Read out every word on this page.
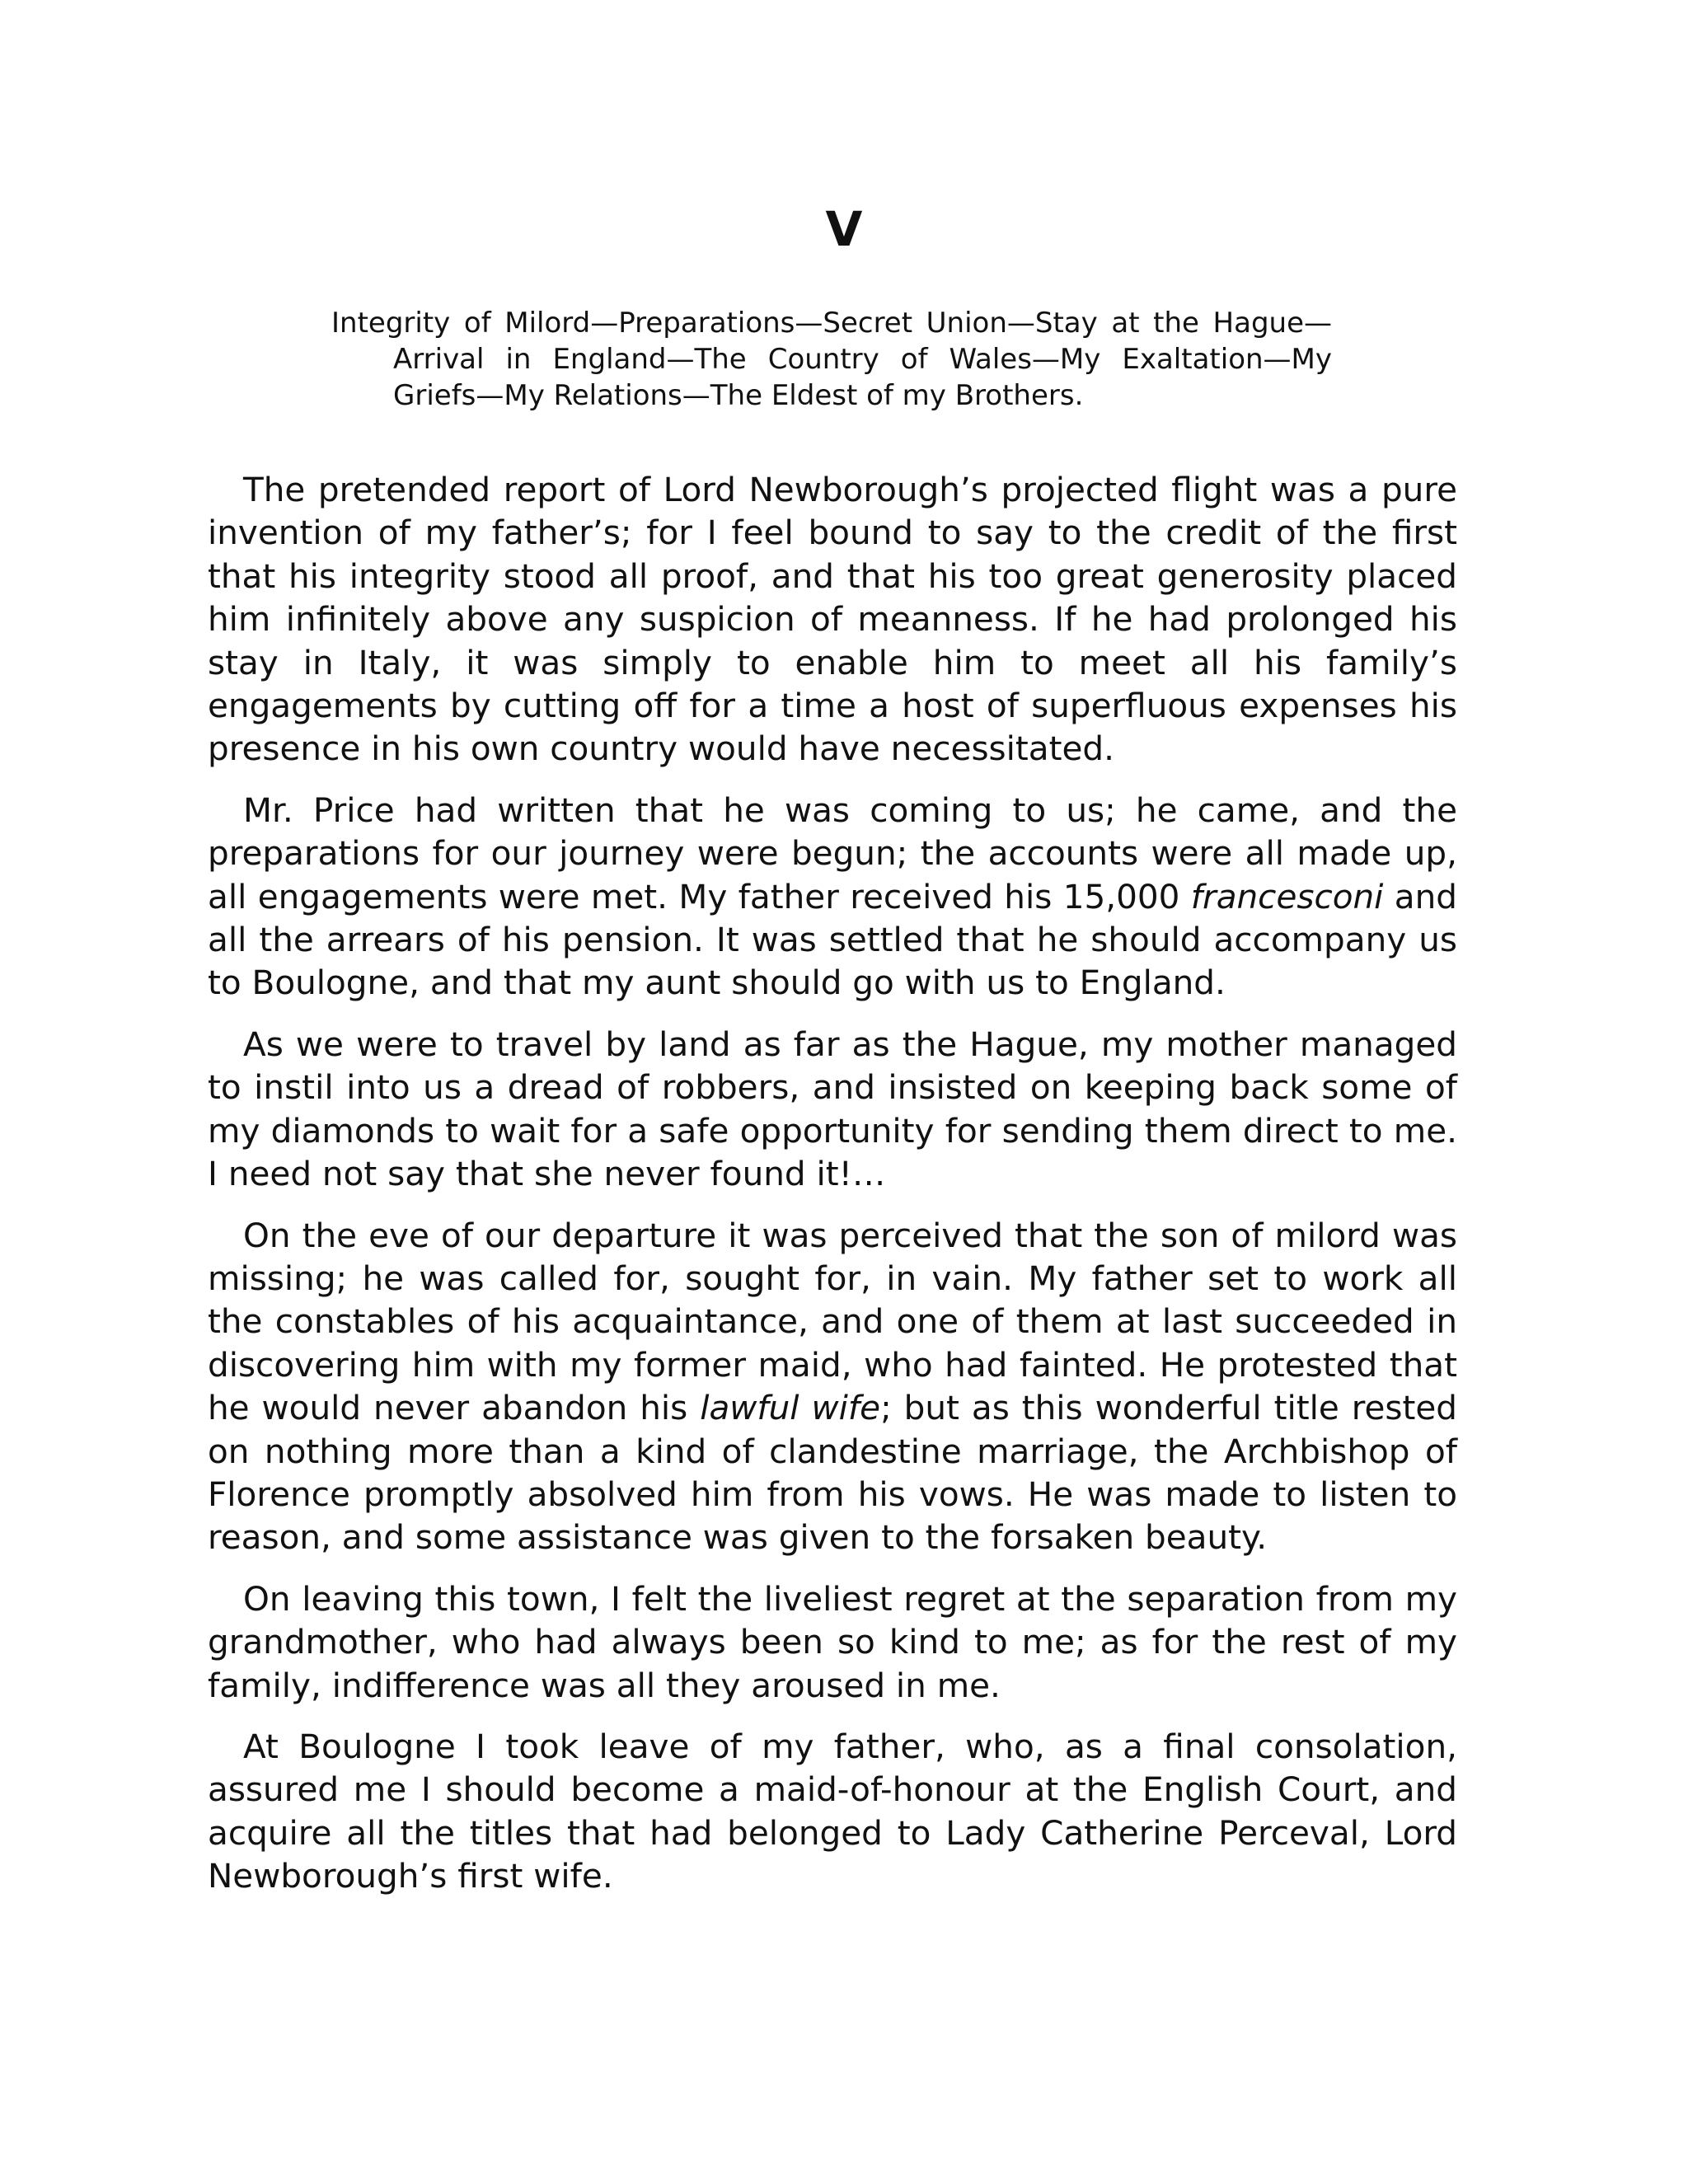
V
Integrity of Milord—Preparations—Secret Union—Stay at the Hague—Arrival in England—The Country of Wales—My Exaltation—My Griefs—My Relations—The Eldest of my Brothers.

The pretended report of Lord Newborough’s projected flight was a pure invention of my father’s; for I feel bound to say to the credit of the first that his integrity stood all proof, and that his too great generosity placed him infinitely above any suspicion of meanness. If he had prolonged his stay in Italy, it was simply to enable him to meet all his family’s engagements by cutting off for a time a host of superfluous expenses his presence in his own country would have necessitated.

Mr. Price had written that he was coming to us; he came, and the preparations for our journey were begun; the accounts were all made up, all engagements were met. My father received his 15,000 francesconi and all the arrears of his pension. It was settled that he should accompany us to Boulogne, and that my aunt should go with us to England.

As we were to travel by land as far as the Hague, my mother managed to instil into us a dread of robbers, and insisted on keeping back some of my diamonds to wait for a safe opportunity for sending them direct to me. I need not say that she never found it!…

On the eve of our departure it was perceived that the son of milord was missing; he was called for, sought for, in vain. My father set to work all the constables of his acquaintance, and one of them at last succeeded in discovering him with my former maid, who had fainted. He protested that he would never abandon his lawful wife; but as this wonderful title rested on nothing more than a kind of clandestine marriage, the Archbishop of Florence promptly absolved him from his vows. He was made to listen to reason, and some assistance was given to the forsaken beauty.

On leaving this town, I felt the liveliest regret at the separation from my grandmother, who had always been so kind to me; as for the rest of my family, indifference was all they aroused in me.

At Boulogne I took leave of my father, who, as a final consolation, assured me I should become a maid-of-honour at the English Court, and acquire all the titles that had belonged to Lady Catherine Perceval, Lord Newborough’s first wife.
